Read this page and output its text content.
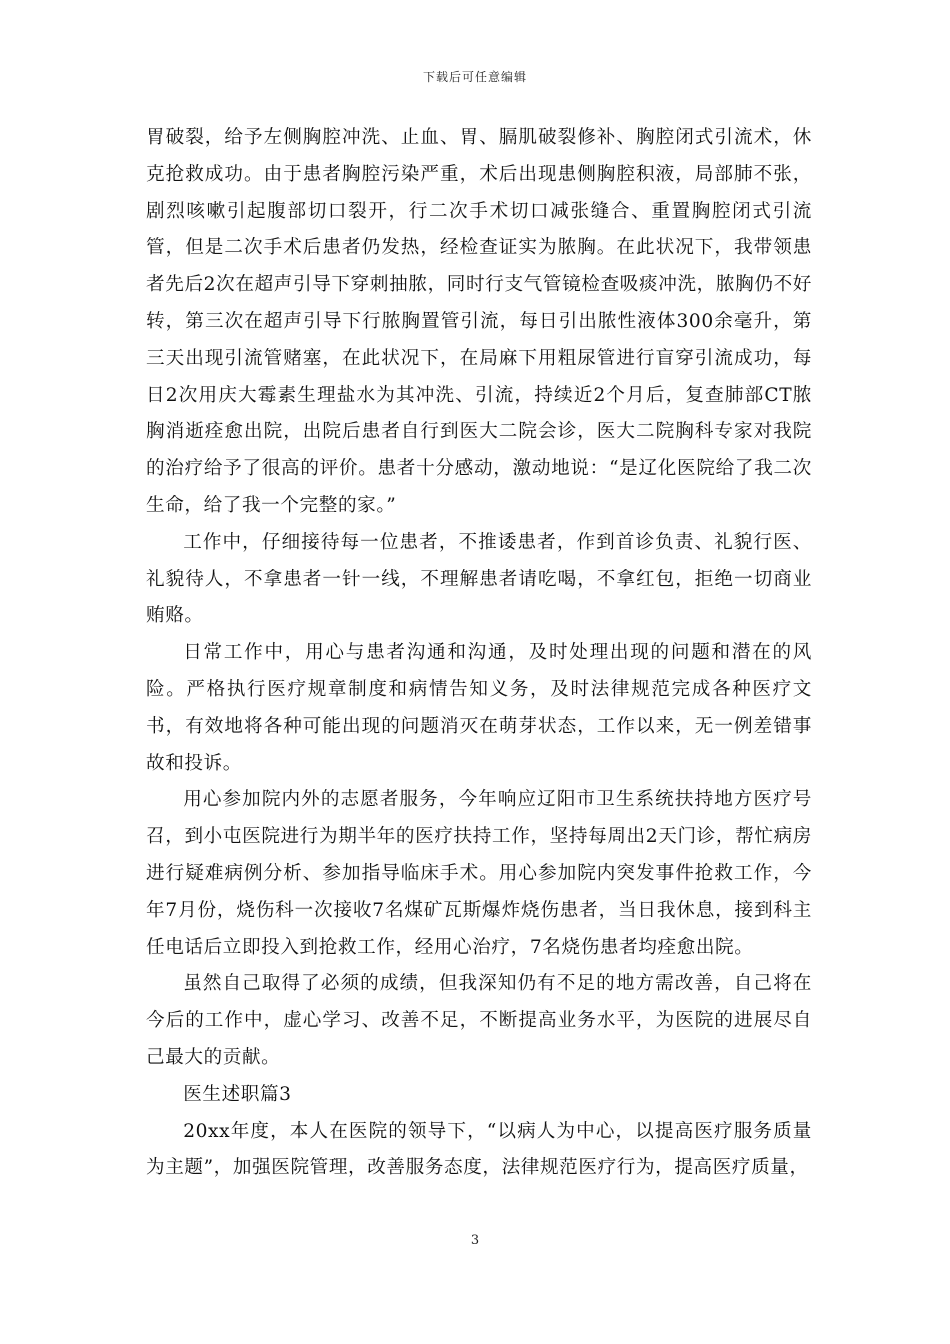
下载后可任意编辑

胃破裂，给予左侧胸腔冲洗、止血、胃、膈肌破裂修补、胸腔闭式引流术，休克抢救成功。由于患者胸腔污染严重，术后出现患侧胸腔积液，局部肺不张，剧烈咳嗽引起腹部切口裂开，行二次手术切口减张缝合、重置胸腔闭式引流管，但是二次手术后患者仍发热，经检查证实为脓胸。在此状况下，我带领患者先后2次在超声引导下穿刺抽脓，同时行支气管镜检查吸痰冲洗，脓胸仍不好转，第三次在超声引导下行脓胸置管引流，每日引出脓性液体300余毫升，第三天出现引流管赌塞，在此状况下，在局麻下用粗尿管进行盲穿引流成功，每日2次用庆大霉素生理盐水为其冲洗、引流，持续近2个月后，复查肺部CT脓胸消逝痊愈出院，出院后患者自行到医大二院会诊，医大二院胸科专家对我院的治疗给予了很高的评价。患者十分感动，激动地说：“是辽化医院给了我二次生命，给了我一个完整的家。”

工作中，仔细接待每一位患者，不推诿患者，作到首诊负责、礼貌行医、礼貌待人，不拿患者一针一线，不理解患者请吃喝，不拿红包，拒绝一切商业贿赂。

日常工作中，用心与患者沟通和沟通，及时处理出现的问题和潜在的风险。严格执行医疗规章制度和病情告知义务，及时法律规范完成各种医疗文书，有效地将各种可能出现的问题消灭在萌芽状态，工作以来，无一例差错事故和投诉。

用心参加院内外的志愿者服务，今年响应辽阳市卫生系统扶持地方医疗号召，到小屯医院进行为期半年的医疗扶持工作，坚持每周出2天门诊，帮忙病房进行疑难病例分析、参加指导临床手术。用心参加院内突发事件抢救工作，今年7月份，烧伤科一次接收7名煤矿瓦斯爆炸烧伤患者，当日我休息，接到科主任电话后立即投入到抢救工作，经用心治疗，7名烧伤患者均痊愈出院。

虽然自己取得了必须的成绩，但我深知仍有不足的地方需改善，自己将在今后的工作中，虚心学习、改善不足，不断提高业务水平，为医院的进展尽自己最大的贡献。

医生述职篇3

20xx年度，本人在医院的领导下，“以病人为中心，以提高医疗服务质量为主题”，加强医院管理，改善服务态度，法律规范医疗行为，提高医疗质量，

3
